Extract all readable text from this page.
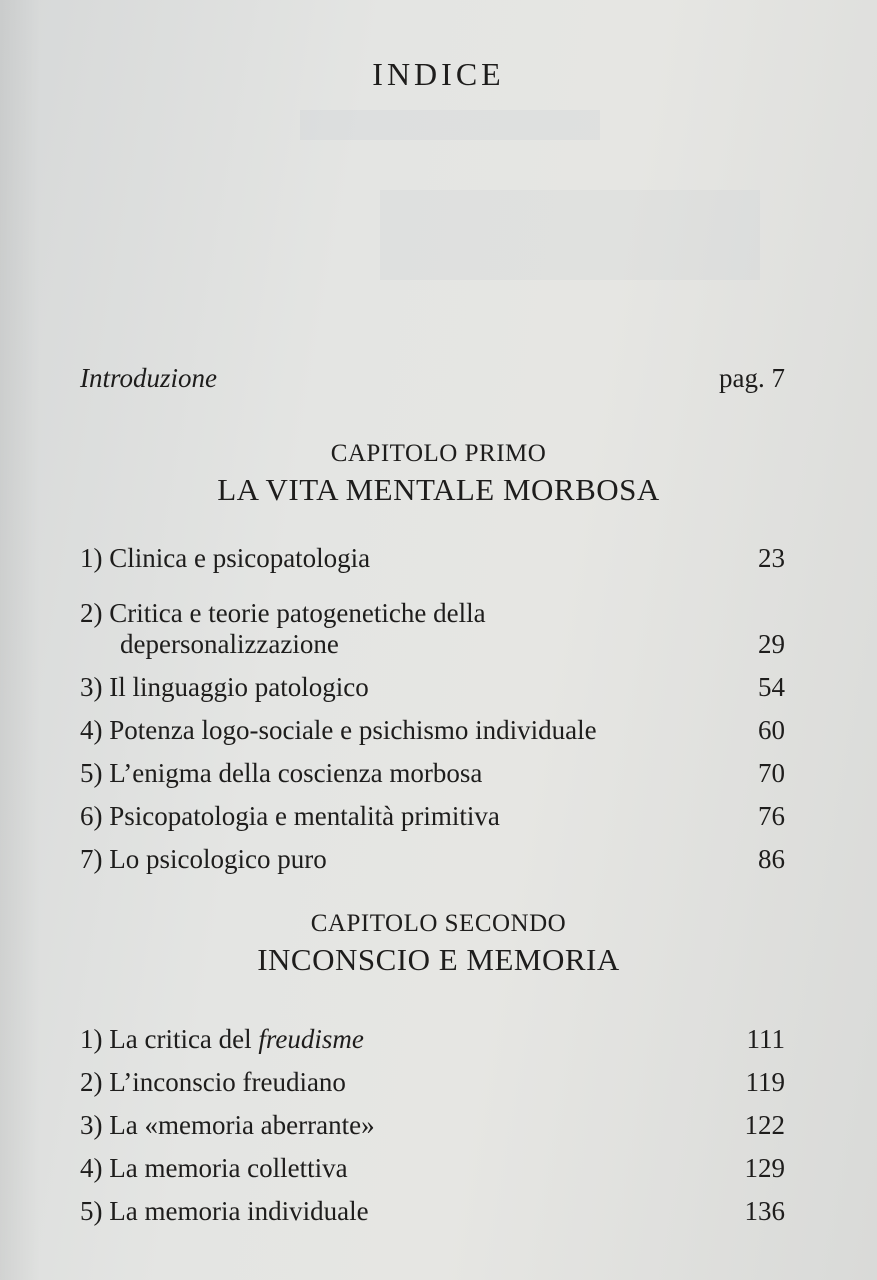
INDICE
Introduzione	pag. 7
CAPITOLO PRIMO
LA VITA MENTALE MORBOSA
1) Clinica e psicopatologia	23
2) Critica e teorie patogenetiche della
depersonalizzazione	29
3) Il linguaggio patologico	54
4) Potenza logo-sociale e psichismo individuale	60
5) L’enigma della coscienza morbosa	70
6) Psicopatologia e mentalità primitiva	76
7) Lo psicologico puro	86
CAPITOLO SECONDO
INCONSCIO E MEMORIA
1) La critica del freudisme	111
2) L’inconscio freudiano	119
3) La «memoria aberrante»	122
4) La memoria collettiva	129
5) La memoria individuale	136
